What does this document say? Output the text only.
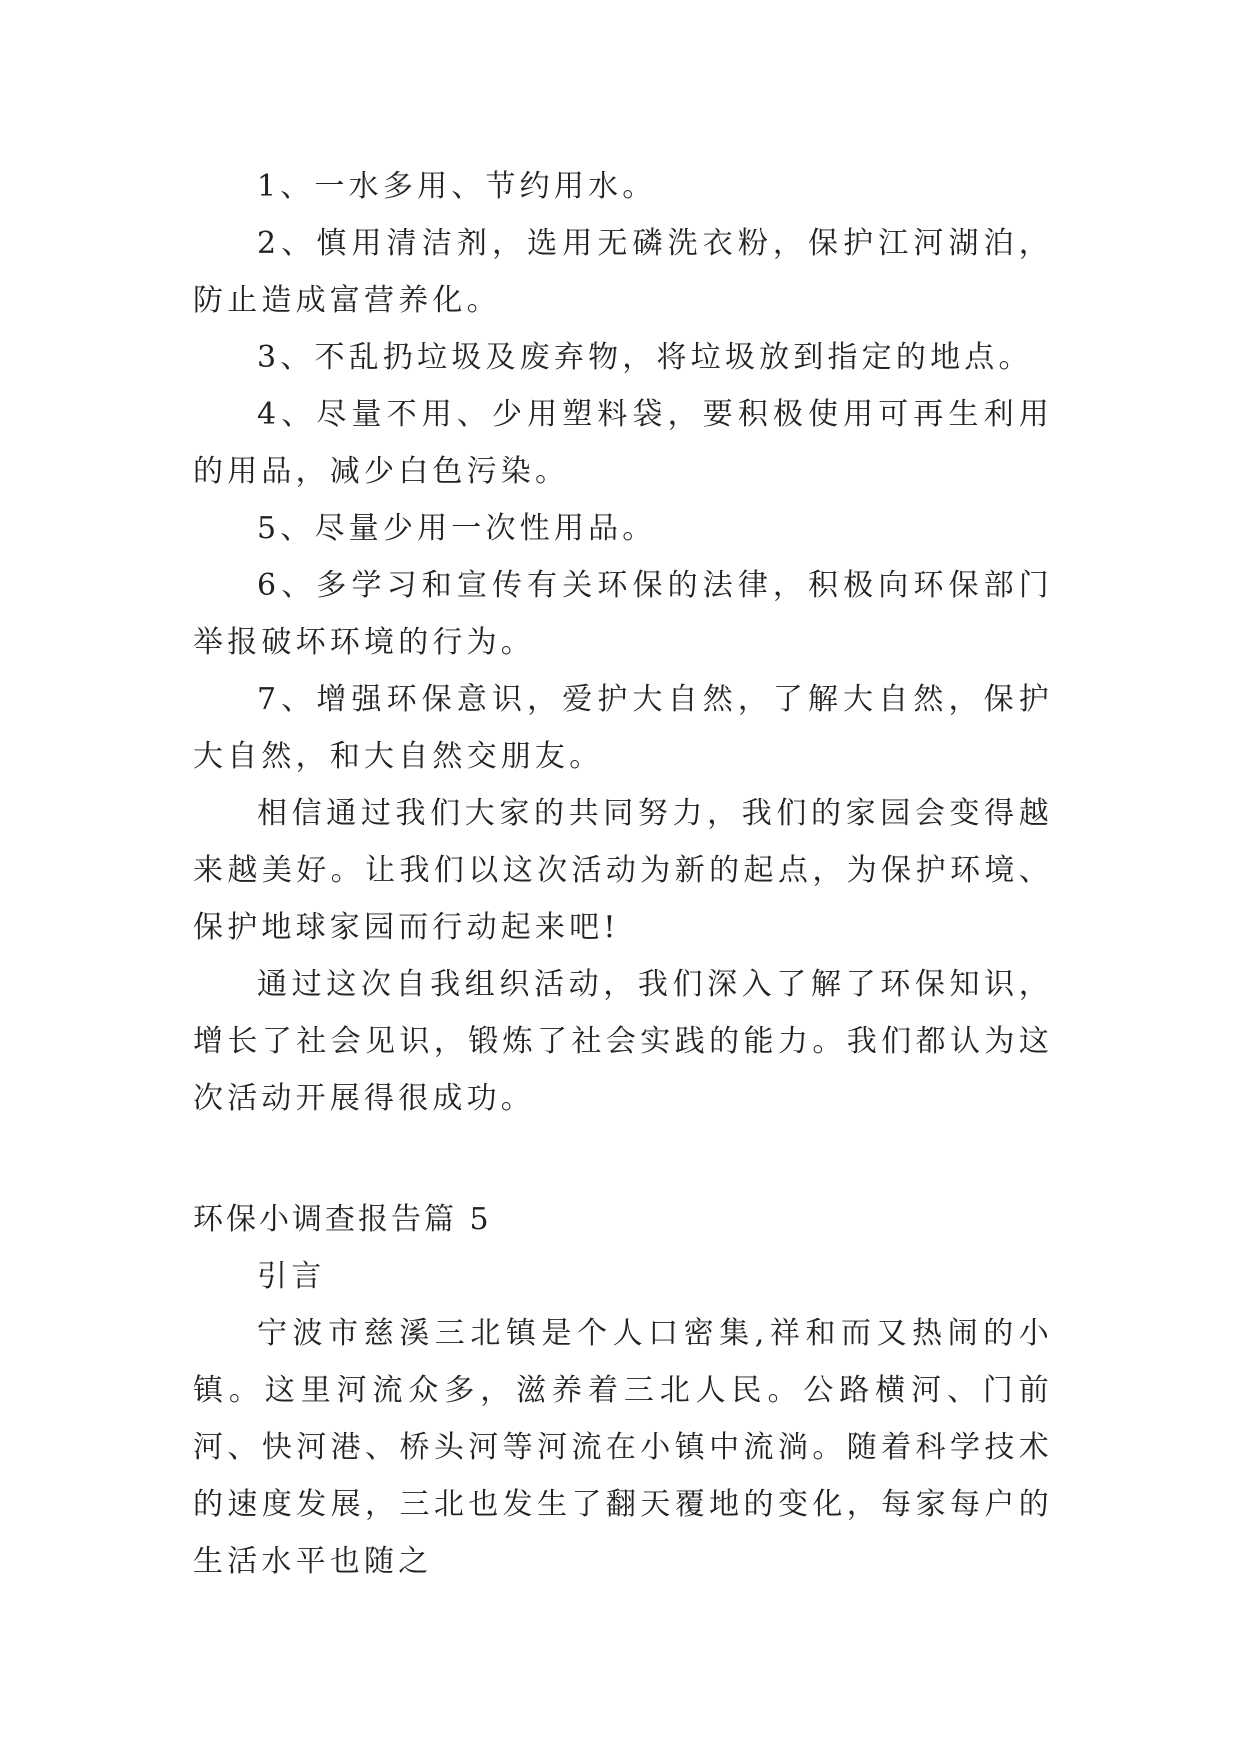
1、一水多用、节约用水。

2、慎用清洁剂，选用无磷洗衣粉，保护江河湖泊，防止造成富营养化。

3、不乱扔垃圾及废弃物，将垃圾放到指定的地点。

4、尽量不用、少用塑料袋，要积极使用可再生利用的用品，减少白色污染。

5、尽量少用一次性用品。

6、多学习和宣传有关环保的法律，积极向环保部门举报破坏环境的行为。

7、增强环保意识，爱护大自然，了解大自然，保护大自然，和大自然交朋友。

相信通过我们大家的共同努力，我们的家园会变得越来越美好。让我们以这次活动为新的起点，为保护环境、保护地球家园而行动起来吧!

通过这次自我组织活动，我们深入了解了环保知识，增长了社会见识，锻炼了社会实践的能力。我们都认为这次活动开展得很成功。

环保小调查报告篇 5
引言

宁波市慈溪三北镇是个人口密集,祥和而又热闹的小镇。这里河流众多，滋养着三北人民。公路横河、门前河、快河港、桥头河等河流在小镇中流淌。随着科学技术的速度发展，三北也发生了翻天覆地的变化，每家每户的生活水平也随之
